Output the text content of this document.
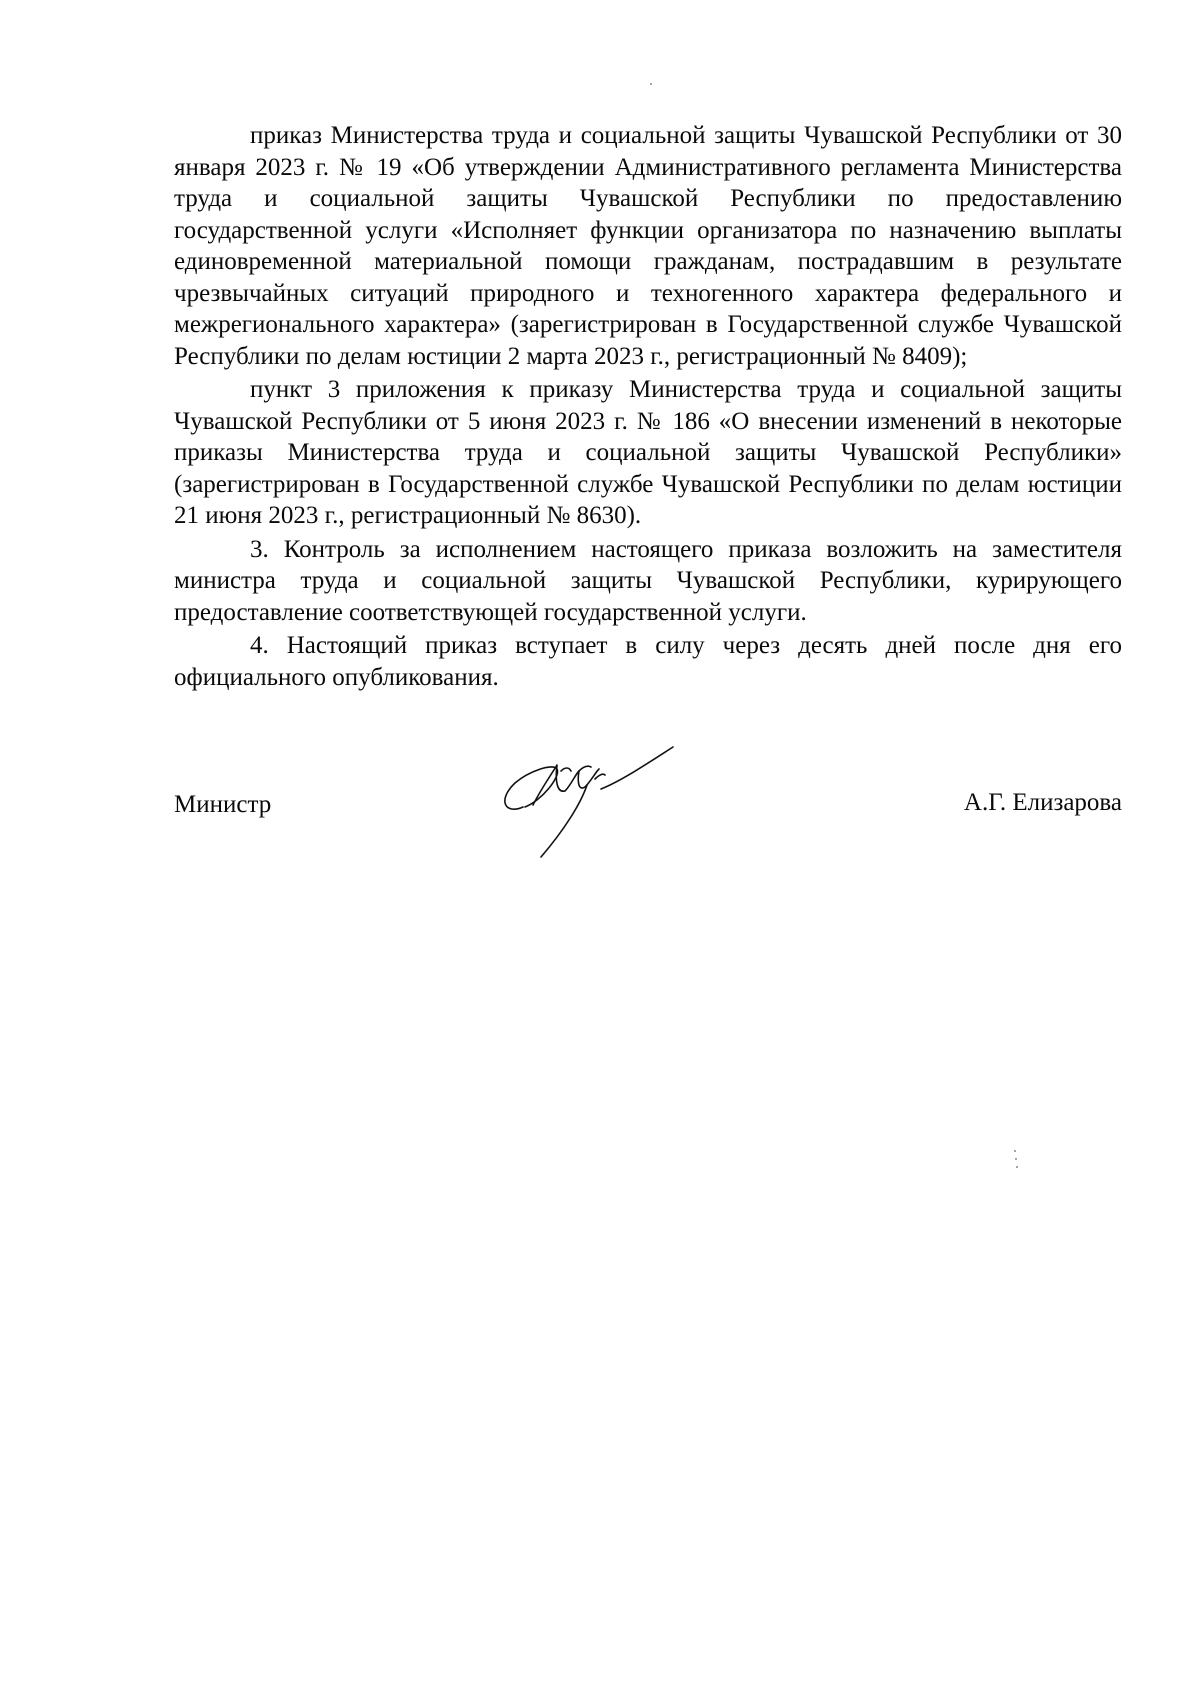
приказ Министерства труда и социальной защиты Чувашской Республики от 30 января 2023 г. № 19 «Об утверждении Административного регламента Министерства труда и социальной защиты Чувашской Республики по предоставлению государственной услуги «Исполняет функции организатора по назначению выплаты единовременной материальной помощи гражданам, пострадавшим в результате чрезвычайных ситуаций природного и техногенного характера федерального и межрегионального характера» (зарегистрирован в Государственной службе Чувашской Республики по делам юстиции 2 марта 2023 г., регистрационный № 8409);

пункт 3 приложения к приказу Министерства труда и социальной защиты Чувашской Республики от 5 июня 2023 г. № 186 «О внесении изменений в некоторые приказы Министерства труда и социальной защиты Чувашской Республики» (зарегистрирован в Государственной службе Чувашской Республики по делам юстиции 21 июня 2023 г., регистрационный № 8630).

3. Контроль за исполнением настоящего приказа возложить на заместителя министра труда и социальной защиты Чувашской Республики, курирующего предоставление соответствующей государственной услуги.

4. Настоящий приказ вступает в силу через десять дней после дня его официального опубликования.

Министр	А.Г. Елизарова
